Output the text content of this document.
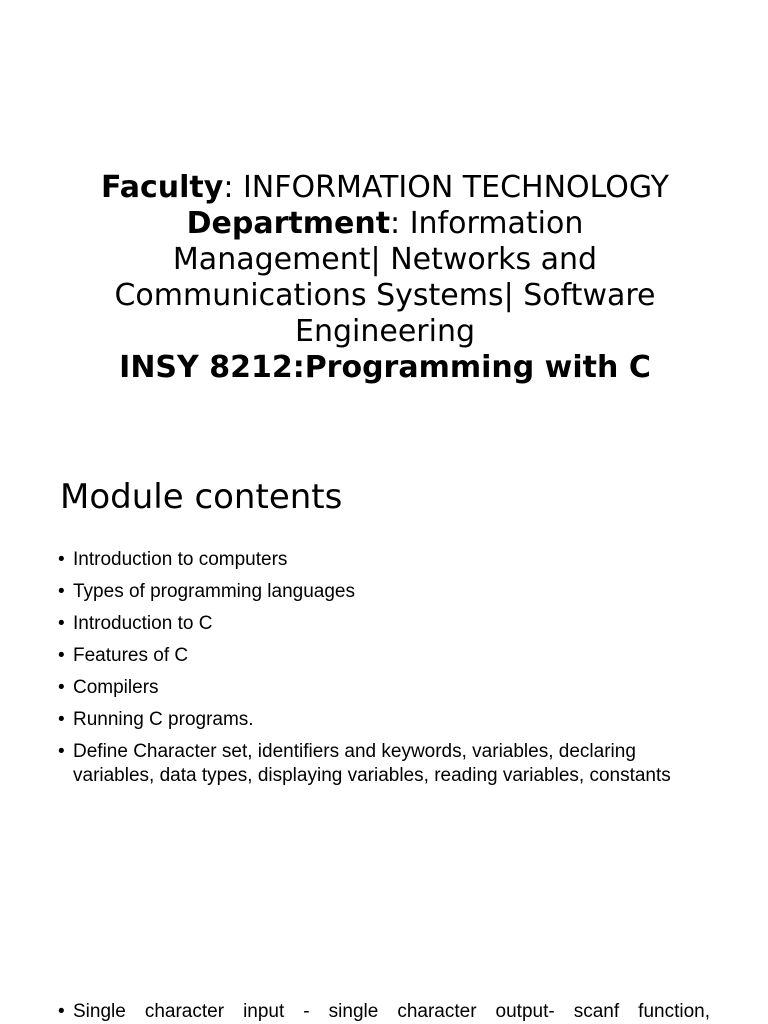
Faculty: INFORMATION TECHNOLOGY
Department: Information
Management| Networks and
Communications Systems| Software
Engineering
INSY 8212:Programming with C
Module contents
• Introduction to computers
• Types of programming languages
• Introduction to C
• Features of C
• Compilers
• Running C programs.
• Define Character set, identifiers and keywords, variables, declaring variables, data types, displaying variables, reading variables, constants
• Single character input - single character output- scanf function,
